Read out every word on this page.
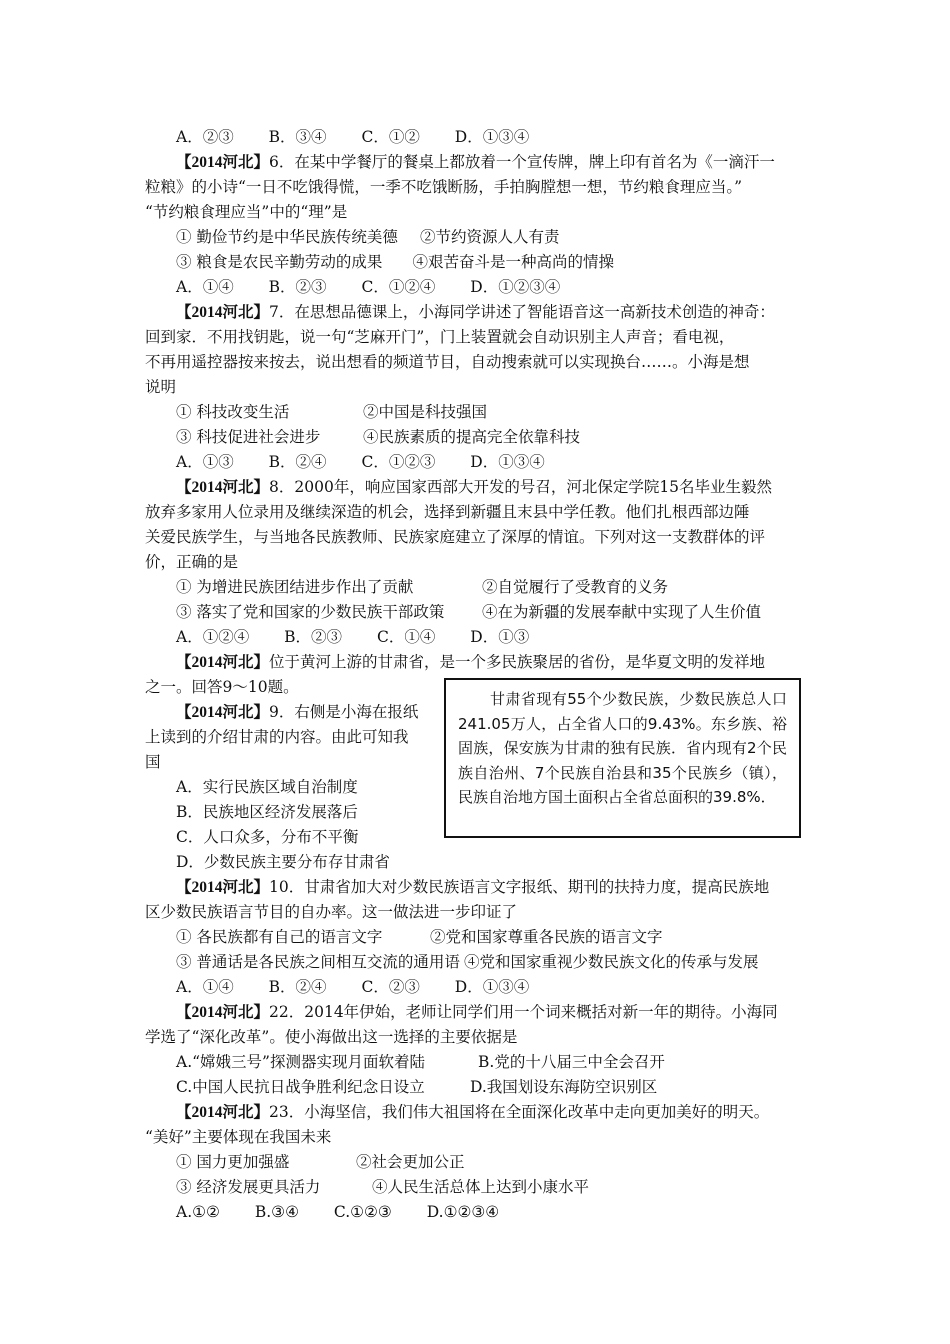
A．②③ B．③④ C．①② D．①③④
【2014河北】6．在某中学餐厅的餐桌上都放着一个宣传牌，牌上印有首名为《一滴汗一
粒粮》的小诗“一日不吃饿得慌，一季不吃饿断肠，手拍胸膛想一想，节约粮食理应当。”
“节约粮食理应当”中的“理”是
① 勤俭节约是中华民族传统美德 ②节约资源人人有责
③ 粮食是农民辛勤劳动的成果 ④艰苦奋斗是一种高尚的情操
A．①④ B．②③ C．①②④ D．①②③④
【2014河北】7．在思想品德课上，小海同学讲述了智能语音这一高新技术创造的神奇：
回到家．不用找钥匙，说一句“芝麻开门”，门上装置就会自动识别主人声音；看电视，
不再用遥控器按来按去，说出想看的频道节目，自动搜索就可以实现换台……。小海是想
说明
① 科技改变生活	②中国是科技强国
③ 科技促进社会进步	④民族素质的提高完全依靠科技
A．①③ B．②④ C．①②③ D．①③④
【2014河北】8．2000年，响应国家西部大开发的号召，河北保定学院15名毕业生毅然
放弃多家用人位录用及继续深造的机会，选择到新疆且末县中学任教。他们扎根西部边陲
关爱民族学生，与当地各民族教师、民族家庭建立了深厚的情谊。下列对这一支教群体的评
价，正确的是
① 为增进民族团结进步作出了贡献	②自觉履行了受教育的义务
③ 落实了党和国家的少数民族干部政策 ④在为新疆的发展奉献中实现了人生价值
A．①②④ B．②③ C．①④ D．①③
【2014河北】位于黄河上游的甘肃省，是一个多民族聚居的省份，是华夏文明的发祥地
之一。回答9～10题。
【2014河北】9．右侧是小海在报纸
上读到的介绍甘肃的内容。由此可知我
国
A．实行民族区域自治制度
B．民族地区经济发展落后
C．人口众多，分布不平衡
D．少数民族主要分布存甘肃省
甘肃省现有55个少数民族，少数民族总人口241.05万人，占全省人口的9.43%。东乡族、裕固族，保安族为甘肃的独有民族．省内现有2个民族自治州、7个民族自治县和35个民族乡（镇），民族自治地方国土面积占全省总面积的39.8%．
【2014河北】10．甘肃省加大对少数民族语言文字报纸、期刊的扶持力度，提高民族地
区少数民族语言节目的自办率。这一做法进一步印证了
① 各民族都有自己的语言文字	②党和国家尊重各民族的语言文字
③ 普通话是各民族之间相互交流的通用语 ④党和国家重视少数民族文化的传承与发展
A．①④ B．②④ C．②③ D．①③④
【2014河北】22．2014年伊始，老师让同学们用一个词来概括对新一年的期待。小海同
学选了“深化改革”。使小海做出这一选择的主要依据是
A.“嫦娥三号”探测器实现月面软着陆	B.党的十八届三中全会召开
C.中国人民抗日战争胜利纪念日设立	D.我国划设东海防空识别区
【2014河北】23．小海坚信，我们伟大祖国将在全面深化改革中走向更加美好的明天。
“美好”主要体现在我国未来
① 国力更加强盛	②社会更加公正
③ 经济发展更具活力	④人民生活总体上达到小康水平
A.①② B.③④ C.①②③ D.①②③④
